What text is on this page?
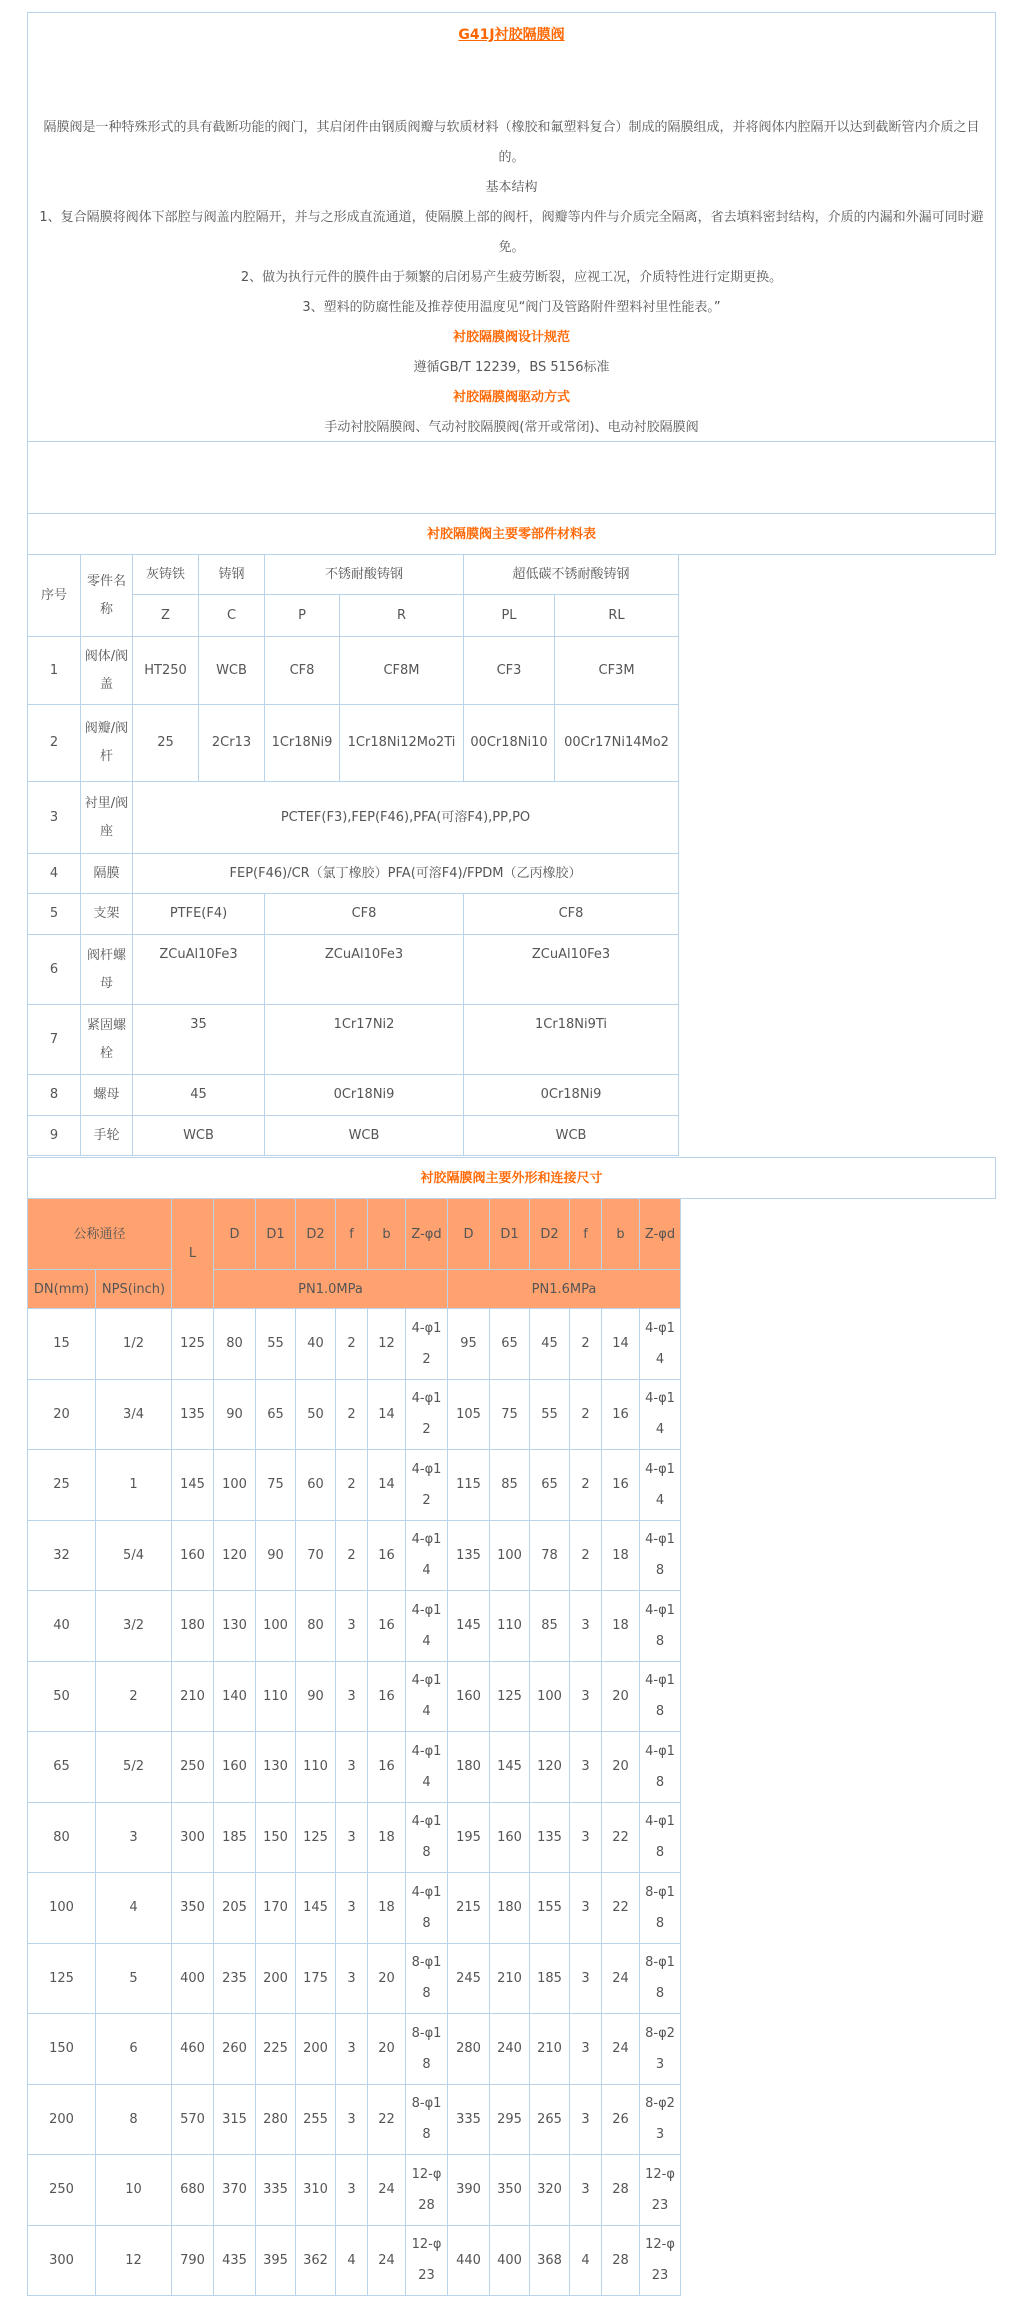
G41J衬胶隔膜阀

隔膜阀是一种特殊形式的具有截断功能的阀门，其启闭件由钢质阀瓣与软质材料（橡胶和氟塑料复合）制成的隔膜组成，并将阀体内腔隔开以达到截断管内介质之目的。

基本结构

1、复合隔膜将阀体下部腔与阀盖内腔隔开，并与之形成直流通道，使隔膜上部的阀杆，阀瓣等内件与介质完全隔离，省去填料密封结构，介质的内漏和外漏可同时避免。

2、做为执行元件的膜件由于频繁的启闭易产生疲劳断裂，应视工况，介质特性进行定期更换。

3、塑料的防腐性能及推荐使用温度见“阀门及管路附件塑料衬里性能表。”

衬胶隔膜阀设计规范

遵循GB/T 12239，BS 5156标准

衬胶隔膜阀驱动方式

手动衬胶隔膜阀、气动衬胶隔膜阀(常开或常闭)、电动衬胶隔膜阀

衬胶隔膜阀主要零部件材料表
序号	零件名称	灰铸铁	铸钢	不锈耐酸铸钢		超低碳不锈耐酸铸钢	
		Z	C	P	R	PL	RL
1	阀体/阀盖	HT250	WCB	CF8	CF8M	CF3	CF3M
2	阀瓣/阀杆	25	2Cr13	1Cr18Ni9	1Cr18Ni12Mo2Ti	00Cr18Ni10	00Cr17Ni14Mo2
3	衬里/阀座	PCTEF(F3),FEP(F46),PFA(可溶F4),PP,PO					
4	隔膜	FEP(F46)/CR（氯丁橡胶）PFA(可溶F4)/FPDM（乙丙橡胶）					
5	支架	PTFE(F4)		CF8		CF8	
6	阀杆螺母	ZCuAl10Fe3		ZCuAl10Fe3		ZCuAl10Fe3	
7	紧固螺栓	35		1Cr17Ni2		1Cr18Ni9Ti	
8	螺母	45		0Cr18Ni9		0Cr18Ni9	
9	手轮	WCB		WCB		WCB	
衬胶隔膜阀主要外形和连接尺寸
公称通径		L	D	D1	D2	f	b	Z-φd	D	D1	D2	f	b	Z-φd
DN(mm)	NPS(inch)		PN1.0MPa						PN1.6MPa					
15	1/2	125	80	55	40	2	12	4-φ12	95	65	45	2	14	4-φ14
20	3/4	135	90	65	50	2	14	4-φ12	105	75	55	2	16	4-φ14
25	1	145	100	75	60	2	14	4-φ12	115	85	65	2	16	4-φ14
32	5/4	160	120	90	70	2	16	4-φ14	135	100	78	2	18	4-φ18
40	3/2	180	130	100	80	3	16	4-φ14	145	110	85	3	18	4-φ18
50	2	210	140	110	90	3	16	4-φ14	160	125	100	3	20	4-φ18
65	5/2	250	160	130	110	3	16	4-φ14	180	145	120	3	20	4-φ18
80	3	300	185	150	125	3	18	4-φ18	195	160	135	3	22	4-φ18
100	4	350	205	170	145	3	18	4-φ18	215	180	155	3	22	8-φ18
125	5	400	235	200	175	3	20	8-φ18	245	210	185	3	24	8-φ18
150	6	460	260	225	200	3	20	8-φ18	280	240	210	3	24	8-φ23
200	8	570	315	280	255	3	22	8-φ18	335	295	265	3	26	8-φ23
250	10	680	370	335	310	3	24	12-φ28	390	350	320	3	28	12-φ23
300	12	790	435	395	362	4	24	12-φ23	440	400	368	4	28	12-φ23
